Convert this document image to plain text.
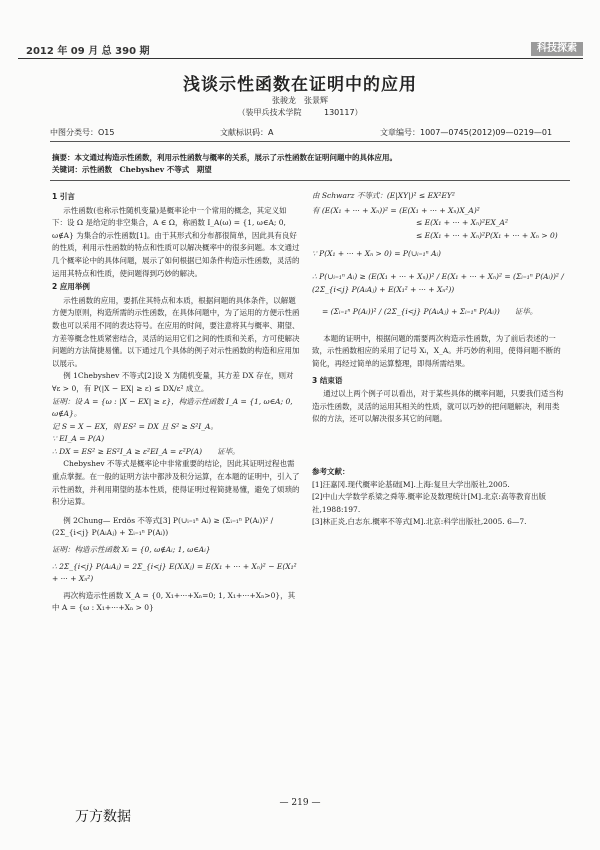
2012 年 09 月 总 390 期	科技探索
浅谈示性函数在证明中的应用
张骏龙　张景辉
（装甲兵技术学院	130117）
中图分类号：O15	文献标识码：A	文章编号：1007—0745(2012)09—0219—01
摘要：本文通过构造示性函数，利用示性函数与概率的关系，展示了示性函数在证明问题中的具体应用。
关键词：示性函数　Chebyshev 不等式　期望
1 引言

示性函数(也称示性随机变量)是概率论中一个常用的概念，其定义如下：设 Ω 是给定的非空集合，A ∈ Ω，称函数 I_A(ω) = {1, ω∈A; 0, ω∉A} 为集合的示性函数[1]。由于其形式和分布都很简单，因此具有良好的性质，利用示性函数的特点和性质可以解决概率中的很多问题。本文通过几个概率论中的具体问题，展示了如何根据已知条件构造示性函数，灵活的运用其特点和性质，使问题得到巧妙的解决。

2 应用举例

示性函数的应用，要抓住其特点和本质，根据问题的具体条件，以解题方便为原则，构造所需的示性函数，在具体问题中，为了运用的方便示性函数也可以采用不同的表达符号。在应用的时间，要注意将其与概率、期望、方差等概念性质紧密结合，灵活的运用它们之间的性质和关系，方可使解决问题的方法简捷易懂。以下通过几个具体的例子对示性函数的构造和应用加以展示。

例 1Chebyshev 不等式[2]设 X 为随机变量，其方差 DX 存在，则对 ∀ε > 0，有 P(|X − EX| ≥ ε) ≤ DX/ε² 成立。

证明：设 A = {ω : |X − EX| ≥ ε}，构造示性函数 I_A = {1, ω∈A; 0, ω∉A}。

记 S = X − EX，则 ES² = DX 且 S² ≥ S²I_A。

∵ EI_A = P(A)

∴ DX = ES² ≥ ES²I_A ≥ ε²EI_A = ε²P(A)　　证毕。

Chebyshev 不等式是概率论中非常重要的结论，因此其证明过程也需重点掌握。在一般的证明方法中都涉及积分运算，在本题的证明中，引入了示性函数，并利用期望的基本性质，使得证明过程简捷易懂，避免了烦琐的积分运算。

例 2Chung— Erdös 不等式[3] P(∪ᵢ₌₁ⁿ Aᵢ) ≥ (Σᵢ₌₁ⁿ P(Aᵢ))² / (2Σ_{i<j} P(AᵢAⱼ) + Σᵢ₌₁ⁿ P(Aᵢ))

证明：构造示性函数 Xᵢ = {0, ω∉Aᵢ; 1, ω∈Aᵢ}

∴ 2Σ_{i<j} P(AᵢAⱼ) = 2Σ_{i<j} E(XᵢXⱼ) = E(X₁ + ··· + Xₙ)² − E(X₁² + ··· + Xₙ²)

再次构造示性函数 X_A = {0, X₁+···+Xₙ=0; 1, X₁+···+Xₙ>0}，其中 A = {ω : X₁+···+Xₙ > 0}

由 Schwarz 不等式：(E|XY|)² ≤ EX²EY²

有 (E(X₁ + ··· + Xₙ))² = (E(X₁ + ··· + Xₙ)X_A)²

≤ E(X₁ + ··· + Xₙ)²EX_A²

≤ E(X₁ + ··· + Xₙ)²P(X₁ + ··· + Xₙ > 0)

∵ P(X₁ + ··· + Xₙ > 0) = P(∪ᵢ₌₁ⁿ Aᵢ)

∴ P(∪ᵢ₌₁ⁿ Aᵢ) ≥ (E(X₁ + ··· + Xₙ))² / E(X₁ + ··· + Xₙ)² = (Σᵢ₌₁ⁿ P(Aᵢ))² / (2Σ_{i<j} P(AᵢAⱼ) + E(X₁² + ··· + Xₙ²))

= (Σᵢ₌₁ⁿ P(Aᵢ))² / (2Σ_{i<j} P(AᵢAⱼ) + Σᵢ₌₁ⁿ P(Aᵢ))　　证毕。

本题的证明中，根据问题的需要两次构造示性函数，为了前后表述的一致，示性函数相应的采用了记号 Xᵢ，X_A。并巧妙的利用，使得问题不断的简化，再经过简单的运算整理，即得所需结果。

3 结束语

通过以上两个例子可以看出，对于某些具体的概率问题，只要我们适当构造示性函数，灵活的运用其相关的性质，就可以巧妙的把问题解决，利用类似的方法，还可以解决很多其它的问题。

参考文献：

[1]汪嘉冈.现代概率论基础[M].上海:复旦大学出版社,2005.

[2]中山大学数学系梁之舜等.概率论及数理统计[M].北京:高等教育出版社,1988:197.

[3]林正炎,白志东.概率不等式[M].北京:科学出版社,2005. 6—7.

— 219 —
万方数据
